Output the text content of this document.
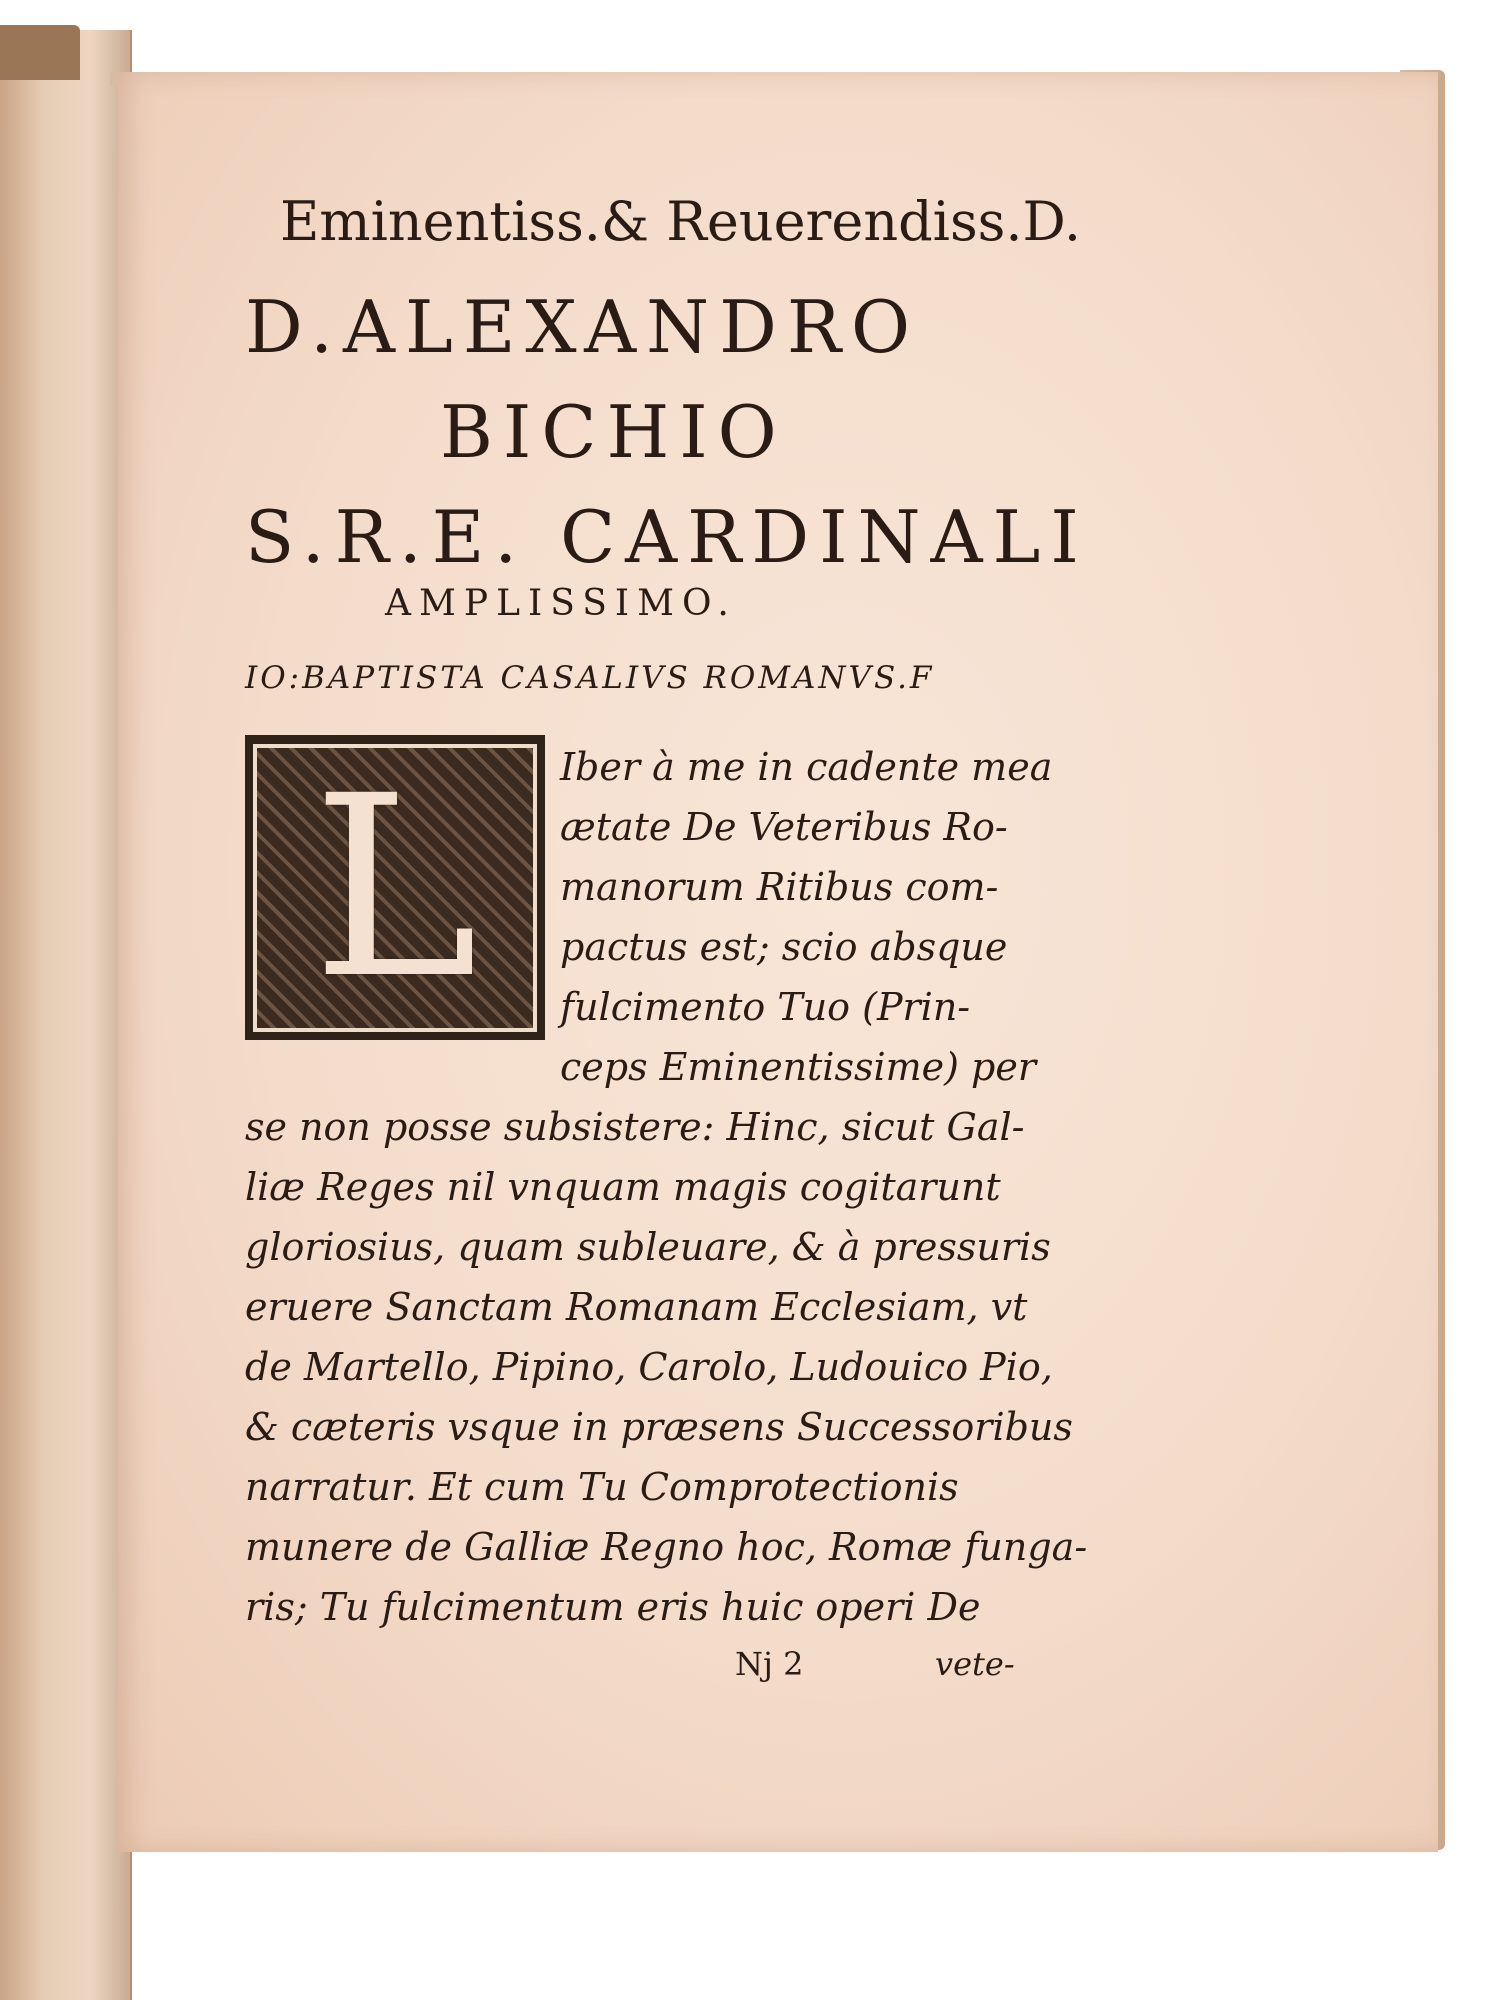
Eminentiss.& Reuerendiss.D.
D.ALEXANDRO
BICHIO
S.R.E. CARDINALI
AMPLISSIMO.
IO:BAPTISTA CASALIVS ROMANVS.F
L Iber à me in cadente mea
ætate De Veteribus Ro-
manorum Ritibus com-
pactus est; scio absque
fulcimento Tuo (Prin-
ceps Eminentissime) per
se non posse subsistere: Hinc, sicut Gal-
liæ Reges nil vnquam magis cogitarunt
gloriosius, quam subleuare, & à pressuris
eruere Sanctam Romanam Ecclesiam, vt
de Martello, Pipino, Carolo, Ludouico Pio,
& cæteris vsque in præsens Successoribus
narratur. Et cum Tu Comprotectionis
munere de Galliæ Regno hoc, Romæ funga-
ris; Tu fulcimentum eris huic operi De
Nj 2	vete-
